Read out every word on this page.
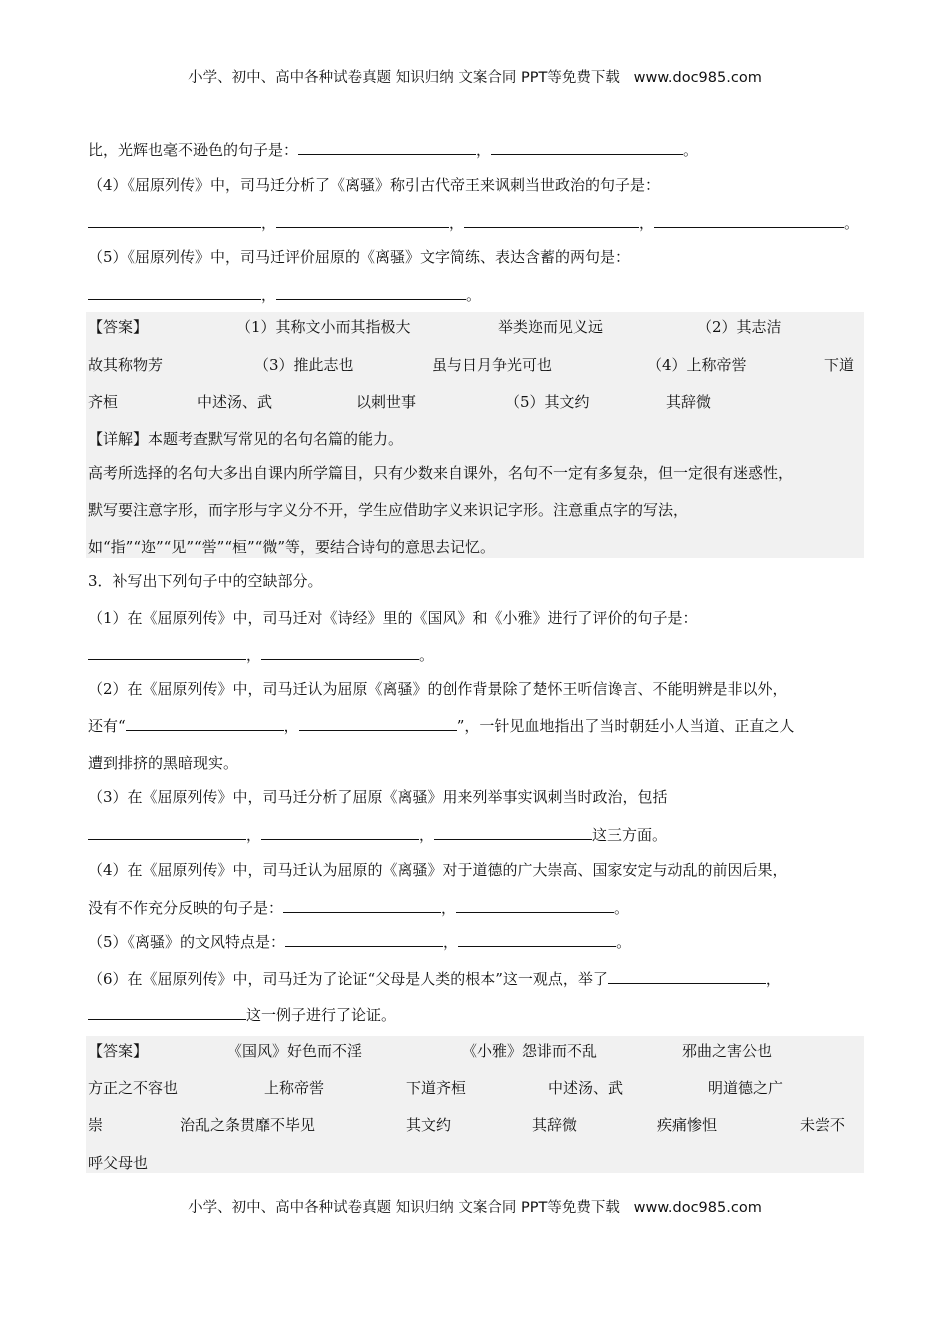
小学、初中、高中各种试卷真题 知识归纳 文案合同 PPT等免费下载 www.doc985.com
比，光辉也毫不逊色的句子是：	，	。
（4）《屈原列传》中，司马迁分析了《离骚》称引古代帝王来讽刺当世政治的句子是：
，	，	，	。
（5）《屈原列传》中，司马迁评价屈原的《离骚》文字简练、表达含蓄的两句是：
，	。
【答案】	（1）其称文小而其指极大	举类迩而见义远	（2）其志洁
故其称物芳	（3）推此志也	虽与日月争光可也	（4）上称帝喾	下道
齐桓	中述汤、武	以刺世事	（5）其文约	其辞微
【详解】本题考查默写常见的名句名篇的能力。
高考所选择的名句大多出自课内所学篇目，只有少数来自课外，名句不一定有多复杂，但一定很有迷惑性，
默写要注意字形，而字形与字义分不开，学生应借助字义来识记字形。注意重点字的写法，
如“指”“迩”“见”“喾”“桓”“微”等，要结合诗句的意思去记忆。
3．补写出下列句子中的空缺部分。
（1）在《屈原列传》中，司马迁对《诗经》里的《国风》和《小雅》进行了评价的句子是：
，	。
（2）在《屈原列传》中，司马迁认为屈原《离骚》的创作背景除了楚怀王听信谗言、不能明辨是非以外，
还有“	，	”，一针见血地指出了当时朝廷小人当道、正直之人
遭到排挤的黑暗现实。
（3）在《屈原列传》中，司马迁分析了屈原《离骚》用来列举事实讽刺当时政治，包括
，	，	这三方面。
（4）在《屈原列传》中，司马迁认为屈原的《离骚》对于道德的广大崇高、国家安定与动乱的前因后果，
没有不作充分反映的句子是：	，	。
（5）《离骚》的文风特点是：	，	。
（6）在《屈原列传》中，司马迁为了论证“父母是人类的根本”这一观点，举了	，
这一例子进行了论证。
【答案】	《国风》好色而不淫	《小雅》怨诽而不乱	邪曲之害公也
方正之不容也	上称帝喾	下道齐桓	中述汤、武	明道德之广
崇	治乱之条贯靡不毕见	其文约	其辞微	疾痛惨怛	未尝不
呼父母也
小学、初中、高中各种试卷真题 知识归纳 文案合同 PPT等免费下载 www.doc985.com
